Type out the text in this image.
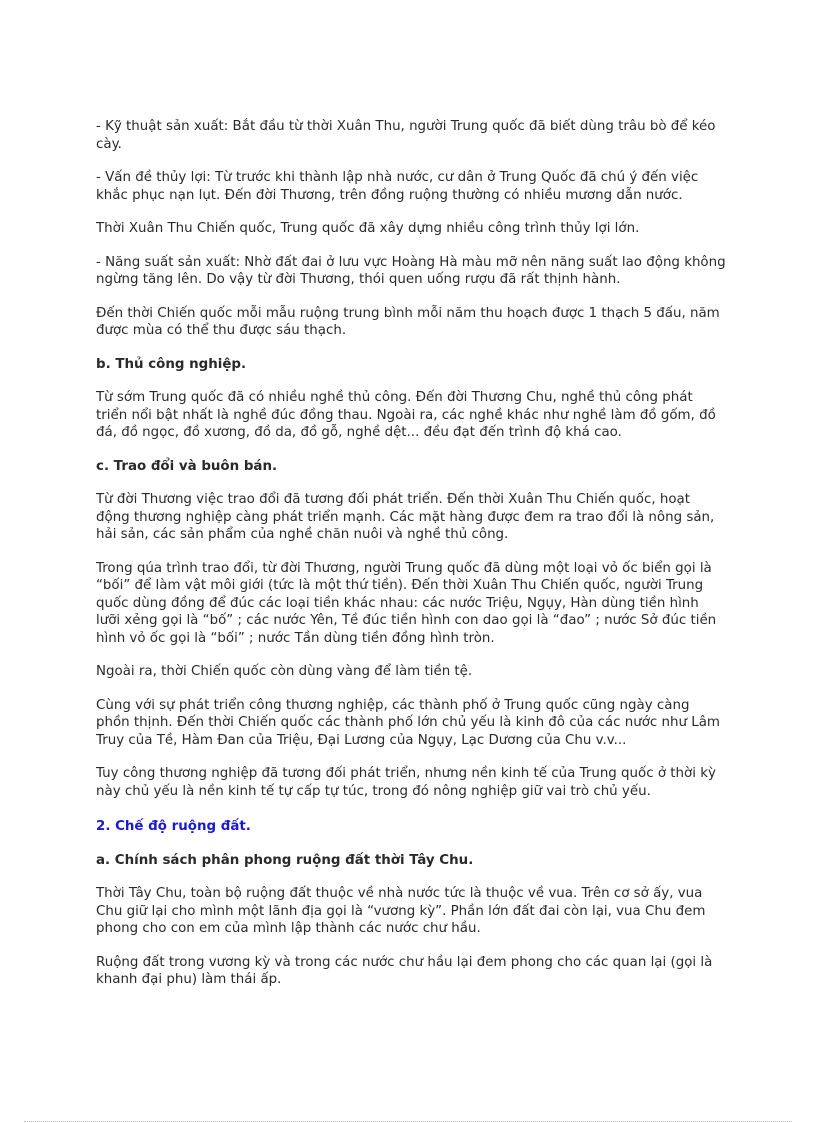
- Kỹ thuật sản xuất: Bắt đầu từ thời Xuân Thu, người Trung quốc đã biết dùng trâu bò để kéo cày.

- Vấn đề thủy lợi: Từ trước khi thành lập nhà nước, cư dân ở Trung Quốc đã chú ý đến việc khắc phục nạn lụt. Đến đời Thương, trên đồng ruộng thường có nhiều mương dẫn nước.

Thời Xuân Thu Chiến quốc, Trung quốc đã xây dựng nhiều công trình thủy lợi lớn.

- Năng suất sản xuất: Nhờ đất đai ở lưu vực Hoàng Hà màu mỡ nên năng suất lao động không ngừng tăng lên. Do vậy từ đời Thương, thói quen uống rượu đã rất thịnh hành.

Đến thời Chiến quốc mỗi mẫu ruộng trung bình mỗi năm thu hoạch được 1 thạch 5 đấu, năm được mùa có thể thu được sáu thạch.

b. Thủ công nghiệp.

Từ sớm Trung quốc đã có nhiều nghề thủ công. Đến đời Thương Chu, nghề thủ công phát triển nổi bật nhất là nghề đúc đồng thau. Ngoài ra, các nghề khác như nghề làm đồ gốm, đồ đá, đồ ngọc, đồ xương, đồ da, đồ gỗ, nghề dệt... đều đạt đến trình độ khá cao.

c. Trao đổi và buôn bán.

Từ đời Thương việc trao đổi đã tương đối phát triển. Đến thời Xuân Thu Chiến quốc, hoạt động thương nghiệp càng phát triển mạnh. Các mặt hàng được đem ra trao đổi là nông sản, hải sản, các sản phẩm của nghề chăn nuôi và nghề thủ công.

Trong qúa trình trao đổi, từ đời Thương, người Trung quốc đã dùng một loại vỏ ốc biển gọi là “bối” để làm vật môi giới (tức là một thứ tiền). Đến thời Xuân Thu Chiến quốc, người Trung quốc dùng đồng để đúc các loại tiền khác nhau: các nước Triệu, Ngụy, Hàn dùng tiền hình lưỡi xẻng gọi là “bố” ; các nước Yên, Tề đúc tiền hình con dao gọi là “đao” ; nước Sở đúc tiền hình vỏ ốc gọi là “bối” ; nước Tần dùng tiền đồng hình tròn.

Ngoài ra, thời Chiến quốc còn dùng vàng để làm tiền tệ.

Cùng với sự phát triển công thương nghiệp, các thành phố ở Trung quốc cũng ngày càng phồn thịnh. Đến thời Chiến quốc các thành phố lớn chủ yếu là kinh đô của các nước như Lâm Truy của Tề, Hàm Đan của Triệu, Đại Lương của Ngụy, Lạc Dương của Chu v.v...

Tuy công thương nghiệp đã tương đối phát triển, nhưng nền kinh tế của Trung quốc ở thời kỳ này chủ yếu là nền kinh tế tự cấp tự túc, trong đó nông nghiệp giữ vai trò chủ yếu.

2. Chế độ ruộng đất.

a. Chính sách phân phong ruộng đất thời Tây Chu.

Thời Tây Chu, toàn bộ ruộng đất thuộc về nhà nước tức là thuộc về vua. Trên cơ sở ấy, vua Chu giữ lại cho mình một lãnh địa gọi là “vương kỳ”. Phần lớn đất đai còn lại, vua Chu đem phong cho con em của mình lập thành các nước chư hầu.

Ruộng đất trong vương kỳ và trong các nước chư hầu lại đem phong cho các quan lại (gọi là khanh đại phu) làm thái ấp.
